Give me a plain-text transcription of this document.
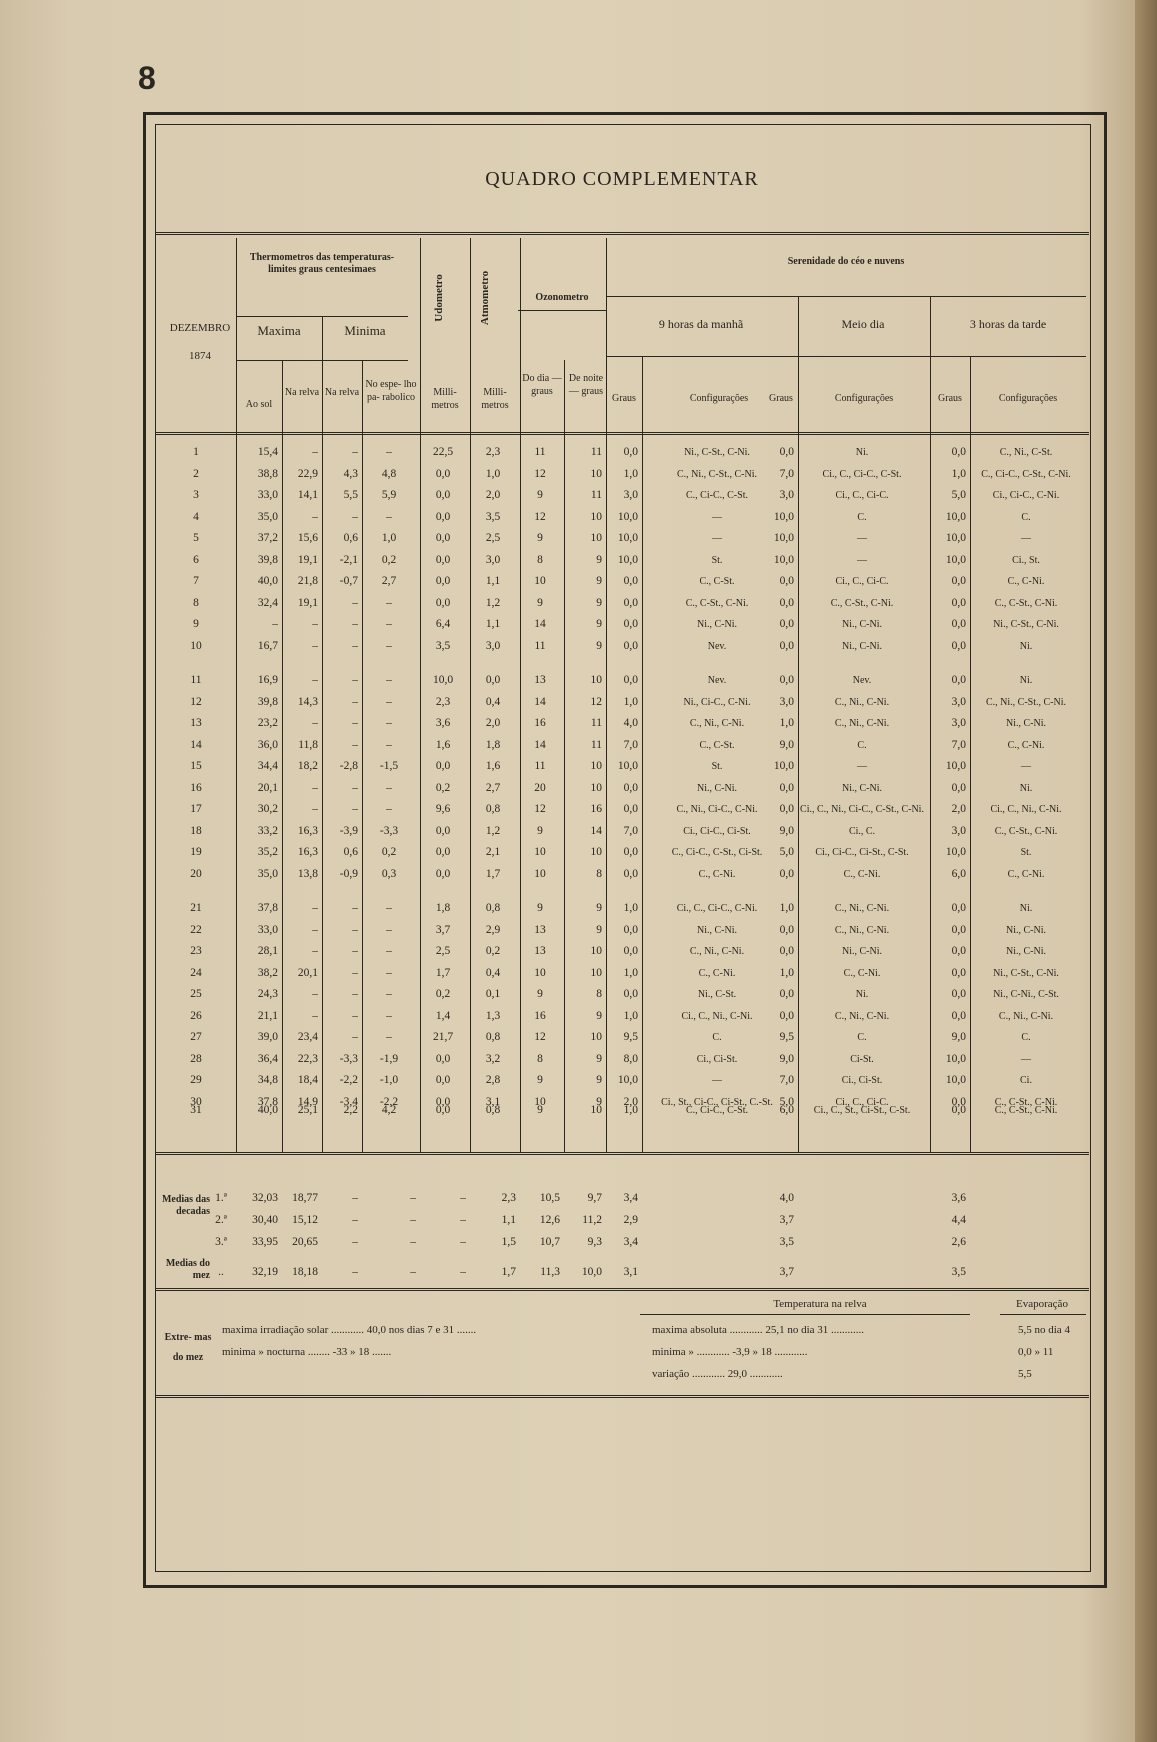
8
QUADRO COMPLEMENTAR
DEZEMBRO
1874
Thermometros das temperaturas-limites graus centesimaes
Maxima	Minima
Ao sol
Na relva Na relva
No espe- lho pa- rabolico
Udometro	Atmometro
Milli- metros
Milli- metros
Ozonometro
Do dia — graus
De noite — graus
Serenidade do céo e nuvens
9 horas da manhã	Meio dia	3 horas da tarde
Graus	Configurações	Graus	Configurações	Graus	Configurações
1	15,4	–	–	–	22,5	2,3	11	11	0,0	Ni., C-St., C-Ni.	0,0	Ni.	0,0	C., Ni., C-St.
2	38,8	22,9	4,3	4,8	0,0	1,0	12	10	1,0	C., Ni., C-St., C-Ni.	7,0	Ci., C., Ci-C., C-St.	1,0	C., Ci-C., C-St., C-Ni.
3	33,0	14,1	5,5	5,9	0,0	2,0	9	11	3,0	C., Ci-C., C-St.	3,0	Ci., C., Ci-C.	5,0	Ci., Ci-C., C-Ni.
4	35,0	–	–	–	0,0	3,5	12	10	10,0	—	10,0	C.	10,0	C.
5	37,2	15,6	0,6	1,0	0,0	2,5	9	10	10,0	—	10,0	—	10,0	—
6	39,8	19,1	-2,1	0,2	0,0	3,0	8	9	10,0	St.	10,0	—	10,0	Ci., St.
7	40,0	21,8	-0,7	2,7	0,0	1,1	10	9	0,0	C., C-St.	0,0	Ci., C., Ci-C.	0,0	C., C-Ni.
8	32,4	19,1	–	–	0,0	1,2	9	9	0,0	C., C-St., C-Ni.	0,0	C., C-St., C-Ni.	0,0	C., C-St., C-Ni.
9	–	–	–	–	6,4	1,1	14	9	0,0	Ni., C-Ni.	0,0	Ni., C-Ni.	0,0	Ni., C-St., C-Ni.
10	16,7	–	–	–	3,5	3,0	11	9	0,0	Nev.	0,0	Ni., C-Ni.	0,0	Ni.
11	16,9	–	–	–	10,0	0,0	13	10	0,0	Nev.	0,0	Nev.	0,0	Ni.
12	39,8	14,3	–	–	2,3	0,4	14	12	1,0	Ni., Ci-C., C-Ni.	3,0	C., Ni., C-Ni.	3,0	C., Ni., C-St., C-Ni.
13	23,2	–	–	–	3,6	2,0	16	11	4,0	C., Ni., C-Ni.	1,0	C., Ni., C-Ni.	3,0	Ni., C-Ni.
14	36,0	11,8	–	–	1,6	1,8	14	11	7,0	C., C-St.	9,0	C.	7,0	C., C-Ni.
15	34,4	18,2	-2,8	-1,5	0,0	1,6	11	10	10,0	St.	10,0	—	10,0	—
16	20,1	–	–	–	0,2	2,7	20	10	0,0	Ni., C-Ni.	0,0	Ni., C-Ni.	0,0	Ni.
17	30,2	–	–	–	9,6	0,8	12	16	0,0	C., Ni., Ci-C., C-Ni.	0,0 Ci., C., Ni., Ci-C., C-St., C-Ni.	2,0	Ci., C., Ni., C-Ni.
18	33,2	16,3	-3,9	-3,3	0,0	1,2	9	14	7,0	Ci., Ci-C., Ci-St.	9,0	Ci., C.	3,0	C., C-St., C-Ni.
19	35,2	16,3	0,6	0,2	0,0	2,1	10	10	0,0	C., Ci-C., C-St., Ci-St.	5,0	Ci., Ci-C., Ci-St., C-St.	10,0	St.
20	35,0	13,8	-0,9	0,3	0,0	1,7	10	8	0,0	C., C-Ni.	0,0	C., C-Ni.	6,0	C., C-Ni.
21	37,8	–	–	–	1,8	0,8	9	9	1,0	Ci., C., Ci-C., C-Ni.	1,0	C., Ni., C-Ni.	0,0	Ni.
22	33,0	–	–	–	3,7	2,9	13	9	0,0	Ni., C-Ni.	0,0	C., Ni., C-Ni.	0,0	Ni., C-Ni.
23	28,1	–	–	–	2,5	0,2	13	10	0,0	C., Ni., C-Ni.	0,0	Ni., C-Ni.	0,0	Ni., C-Ni.
24	38,2	20,1	–	–	1,7	0,4	10	10	1,0	C., C-Ni.	1,0	C., C-Ni.	0,0	Ni., C-St., C-Ni.
25	24,3	–	–	–	0,2	0,1	9	8	0,0	Ni., C-St.	0,0	Ni.	0,0	Ni., C-Ni., C-St.
26	21,1	–	–	–	1,4	1,3	16	9	1,0	Ci., C., Ni., C-Ni.	0,0	C., Ni., C-Ni.	0,0	C., Ni., C-Ni.
27	39,0	23,4	–	–	21,7	0,8	12	10	9,5	C.	9,5	C.	9,0	C.
28	36,4	22,3	-3,3	-1,9	0,0	3,2	8	9	8,0	Ci., Ci-St.	9,0	Ci-St.	10,0	—
29	34,8	18,4	-2,2	-1,0	0,0	2,8	9	9	10,0	—	7,0	Ci., Ci-St.	10,0	Ci.
30	37,8	14,9	-3,4	-2,2	0,0	3,1	10	9	2,0	Ci., St., Ci-C., Ci-St., C.-St. 5,0	Ci., C., Ci-C.	0,0	C., C-St., C-Ni.
31	40,0	25,1	2,2	4,2	0,0	0,8	9	10	1,0	C., Ci-C., C-St.	6,0	Ci., C., St., Ci-St., C-St.	0,0	C., C-St., C-Ni.
1.ª	32,03	18,77	–	–	–	2,3	10,5	9,7	3,4	4,0	3,6
2.ª	30,40	15,12	–	–	–	1,1	12,6	11,2	2,9	3,7	4,4
3.ª	33,95	20,65	–	–	–	1,5	10,7	9,3	3,4	3,5	2,6
..	32,19	18,18	–	–	–	1,7	11,3	10,0	3,1	3,7	3,5
Medias das decadas
Medias do mez
Temperatura na relva	Evaporação
Extre- mas do mez
maxima irradiação solar ............ 40,0 nos dias 7 e 31 .......	maxima absoluta ............ 25,1 no dia 31 ............	5,5 no dia 4
minima » nocturna ........ -33 » 18 .......	minima » ............ -3,9 » 18 ............	0,0 » 11
variação ............ 29,0 ............	5,5
